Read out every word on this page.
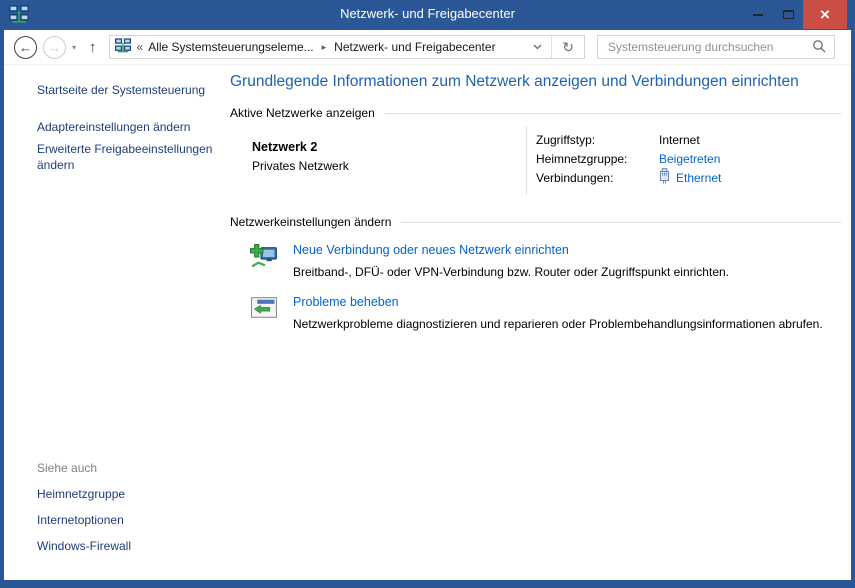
Netzwerk- und Freigabecenter	×
← → ▾ ↑	« Alle Systemsteuerungseleme... ▸ Netzwerk- und Freigabecenter	↻
Systemsteuerung durchsuchen
Startseite der Systemsteuerung
Adaptereinstellungen ändern
Erweiterte Freigabeeinstellungen ändern
Siehe auch
Heimnetzgruppe
Internetoptionen
Windows-Firewall
Grundlegende Informationen zum Netzwerk anzeigen und Verbindungen einrichten
Aktive Netzwerke anzeigen
Netzwerk 2
Privates Netzwerk
Zugriffstyp:	Internet
Heimnetzgruppe:	Beigetreten
Verbindungen:	Ethernet
Netzwerkeinstellungen ändern
Neue Verbindung oder neues Netzwerk einrichten
Breitband-, DFÜ- oder VPN-Verbindung bzw. Router oder Zugriffspunkt einrichten.
Probleme beheben
Netzwerkprobleme diagnostizieren und reparieren oder Problembehandlungsinformationen abrufen.
